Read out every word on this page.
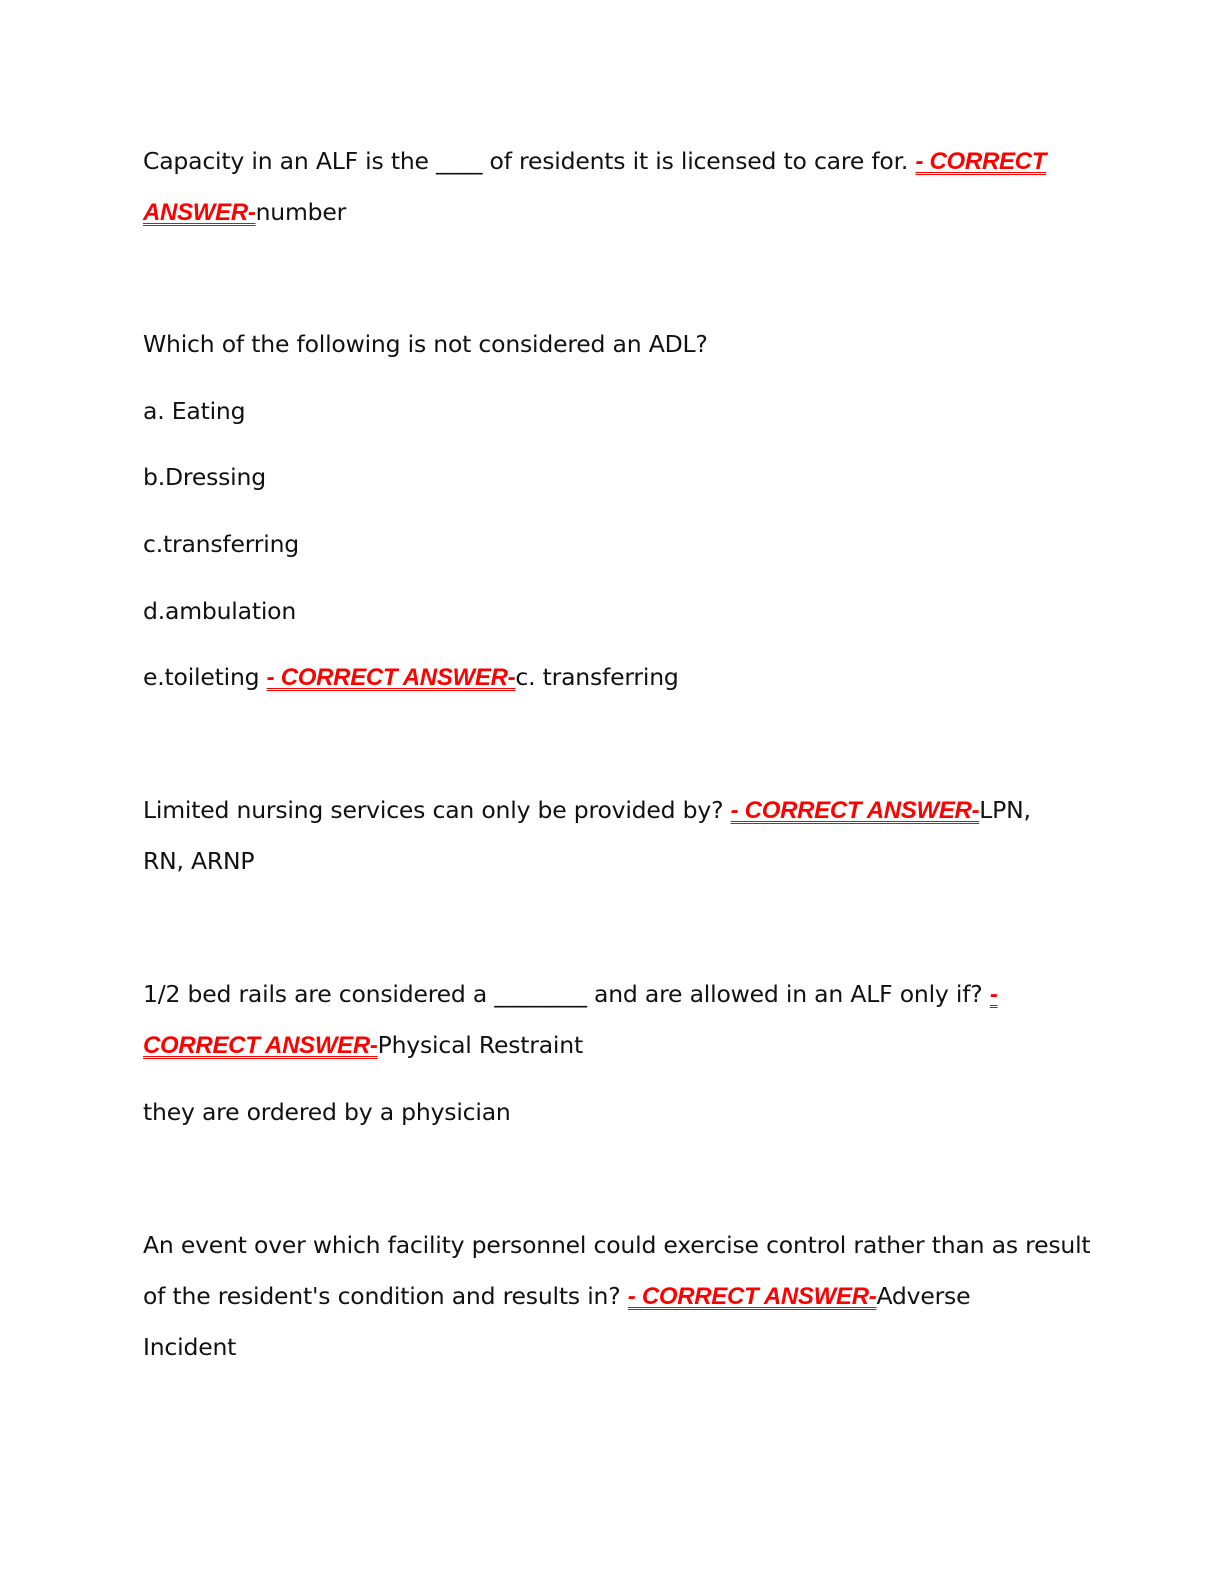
Capacity in an ALF is the ____ of residents it is licensed to care for. - CORRECT
ANSWER-number
Which of the following is not considered an ADL?
a. Eating
b.Dressing
c.transferring
d.ambulation
e.toileting - CORRECT ANSWER-c. transferring
Limited nursing services can only be provided by? - CORRECT ANSWER-LPN,
RN, ARNP
1/2 bed rails are considered a ________ and are allowed in an ALF only if? -
CORRECT ANSWER-Physical Restraint
they are ordered by a physician
An event over which facility personnel could exercise control rather than as result
of the resident's condition and results in? - CORRECT ANSWER-Adverse
Incident
